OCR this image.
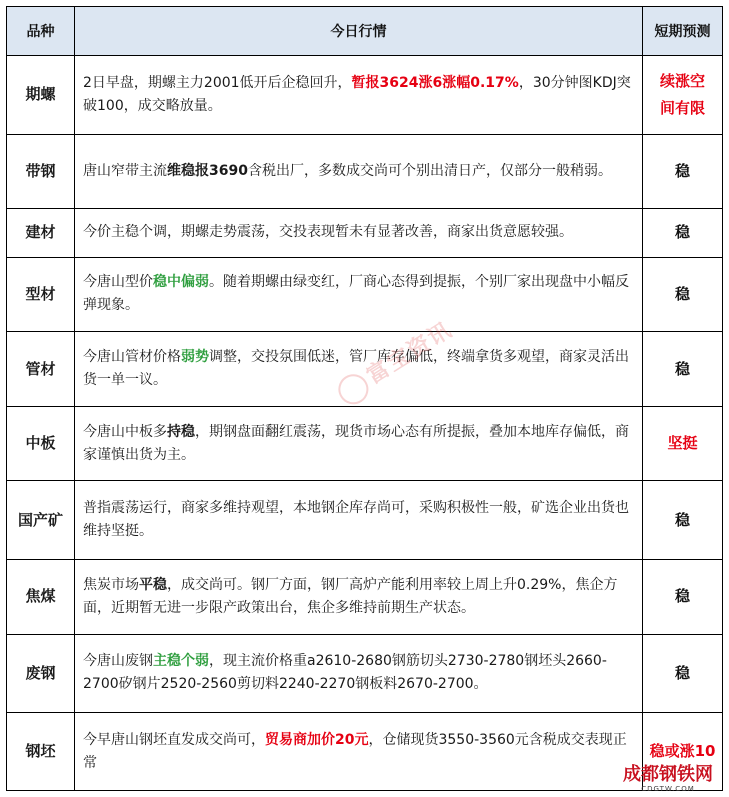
品种	今日行情	短期预测
期螺	2日早盘，期螺主力2001低开后企稳回升，暂报3624涨6涨幅0.17%，30分钟图KDJ突破100，成交略放量。	续涨空间有限
带钢	唐山窄带主流维稳报3690含税出厂，多数成交尚可个别出清日产，仅部分一般稍弱。	稳
建材	今价主稳个调，期螺走势震荡，交投表现暂未有显著改善，商家出货意愿较强。	稳
型材	今唐山型价稳中偏弱。随着期螺由绿变红，厂商心态得到提振，个别厂家出现盘中小幅反弹现象。	稳
管材	今唐山管材价格弱势调整，交投氛围低迷，管厂库存偏低，终端拿货多观望，商家灵活出货一单一议。	稳
中板	今唐山中板多持稳，期钢盘面翻红震荡，现货市场心态有所提振，叠加本地库存偏低，商家谨慎出货为主。	坚挺
国产矿	普指震荡运行，商家多维持观望，本地钢企库存尚可，采购积极性一般，矿选企业出货也维持坚挺。	稳
焦煤	焦炭市场平稳，成交尚可。钢厂方面，钢厂高炉产能利用率较上周上升0.29%，焦企方面，近期暂无进一步限产政策出台，焦企多维持前期生产状态。	稳
废钢	今唐山废钢主稳个弱，现主流价格重a2610-2680钢筋切头2730-2780钢坯头2660-2700矽钢片2520-2560剪切料2240-2270钢板料2670-2700。	稳
钢坯	今早唐山钢坯直发成交尚可，贸易商加价20元，仓储现货3550-3560元含税成交表现正常	稳或涨10
富宝资讯
成都钢铁网
CDGTW.COM
